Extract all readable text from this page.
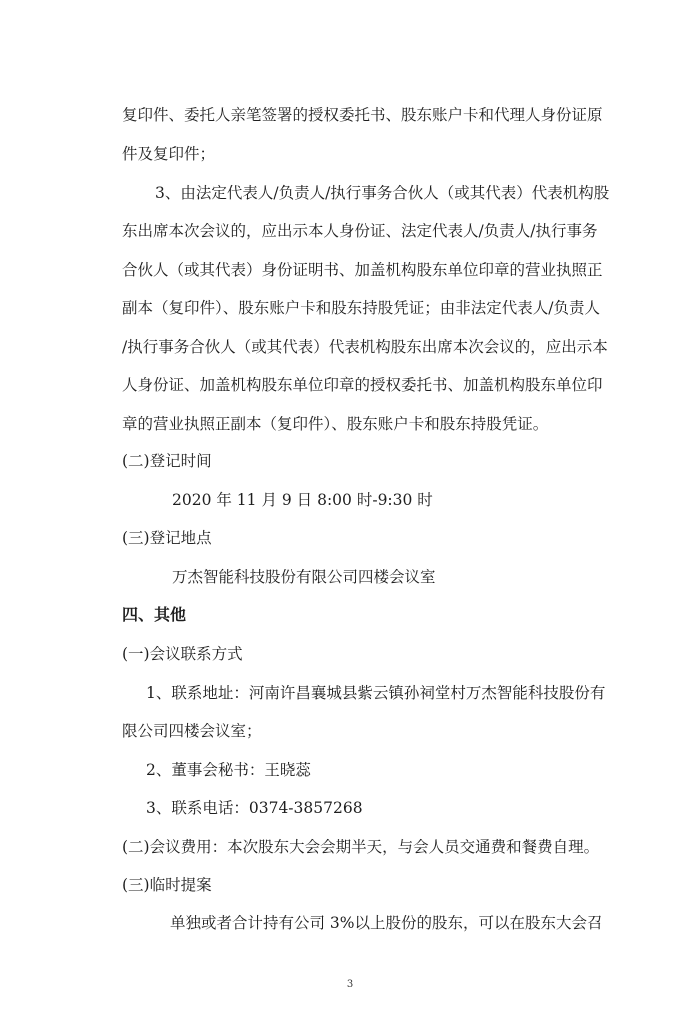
复印件、委托人亲笔签署的授权委托书、股东账户卡和代理人身份证原
件及复印件；
3、由法定代表人/负责人/执行事务合伙人（或其代表）代表机构股
东出席本次会议的，应出示本人身份证、法定代表人/负责人/执行事务
合伙人（或其代表）身份证明书、加盖机构股东单位印章的营业执照正
副本（复印件）、股东账户卡和股东持股凭证；由非法定代表人/负责人
/执行事务合伙人（或其代表）代表机构股东出席本次会议的，应出示本
人身份证、加盖机构股东单位印章的授权委托书、加盖机构股东单位印
章的营业执照正副本（复印件）、股东账户卡和股东持股凭证。
(二)登记时间
2020 年 11 月 9 日 8:00 时-9:30 时
(三)登记地点
万杰智能科技股份有限公司四楼会议室
四、其他
(一)会议联系方式
1、联系地址：河南许昌襄城县紫云镇孙祠堂村万杰智能科技股份有
限公司四楼会议室；
2、董事会秘书：王晓蕊
3、联系电话：0374-3857268
(二)会议费用：本次股东大会会期半天，与会人员交通费和餐费自理。
(三)临时提案
单独或者合计持有公司 3%以上股份的股东，可以在股东大会召
3
